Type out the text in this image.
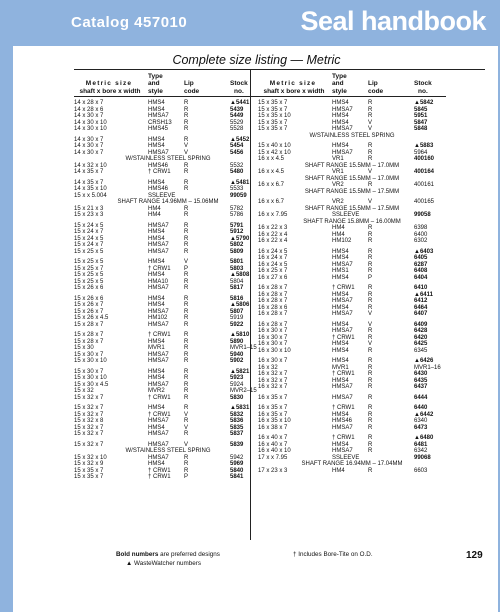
Catalog 457010	Seal handbook
Complete size listing — Metric
Metric size
shaft x bore x width
Type
and
style
Lip
code
Stock
no.
14 x 28 x 7	HMS4	R	▲5441
14 x 28 x 6	HMS4	R	5439
14 x 30 x 7	HMSA7	R	5449
14 x 30 x 10	CRSH13 R	5529
14 x 30 x 10	HMS45	R	5528
14 x 30 x 7	HMS4	R	▲5452
14 x 30 x 7	HMS4	V	5454
14 x 30 x 7	HMSA7	V	5456
W/STAINLESS STEEL SPRING
14 x 32 x 10	HMS46	R	5532
14 x 35 x 7	† CRW1 R	5480
14 x 35 x 7	HMS4	R	▲5481
14 x 35 x 10	HMS46	R	5533
15 x x 5.004	SSLEEVE	99059
SHAFT RANGE 14.96MM – 15.06MM
15 x 21 x 3	HM4	R	5782
15 x 23 x 3	HM4	R	5786
15 x 24 x 5	HMSA7	R	5791
15 x 24 x 7	HMS4	R	5912
15 x 24 x 5	HMS4	R	▲5790
15 x 24 x 7	HMSA7	R	5802
15 x 25 x 5	HMSA7	R	5809
15 x 25 x 5	HMS4	V	5801
15 x 25 x 7	† CRW1 P	5803
15 x 25 x 5	HMS4	R	▲5808
15 x 25 x 5	HMA10	R	5804
15 x 26 x 6	HMSA7	R	5817
15 x 26 x 6	HMS4	R	5816
15 x 26 x 7	HMS4	R	▲5806
15 x 26 x 7	HMSA7	R	5807
15 x 26 x 4.5	HM102	R	5919
15 x 28 x 7	HMSA7	R	5922
15 x 28 x 7	† CRW1 R	▲5810
15 x 28 x 7	HMS4	R	5890
15 x 30	MVR1	R	MVR1–15
15 x 30 x 7	HMSA7	R	5940
15 x 30 x 10	HMSA7	R	5902
15 x 30 x 7	HMS4	R	▲5821
15 x 30 x 10	HMS4	R	5923
15 x 30 x 4.5	HMSA7	R	5924
15 x 32	MVR2	R	MVR2–15
15 x 32 x 7	† CRW1 R	5830
15 x 32 x 7	HMS4	R	▲5831
15 x 32 x 7	† CRW1 V	5832
15 x 32 x 8	HMSA7	R	5836
15 x 32 x 7	HMS4	V	5835
15 x 32 x 7	HMSA7	R	5837
15 x 32 x 7	HMSA7	V	5839
W/STAINLESS STEEL SPRING
15 x 32 x 10	HMSA7	R	5942
15 x 32 x 9	HMS4	R	5969
15 x 35 x 7	† CRW1 R	5840
15 x 35 x 7	† CRW1 P	5841
Metric size
shaft x bore x width
Type
and
style
Lip
code
Stock
no.
15 x 35 x 7	HMS4	R	▲5842
15 x 35 x 7	HMSA7	R	5845
15 x 35 x 10	HMS4	R	5951
15 x 35 x 7	HMS4	V	5847
15 x 35 x 7	HMSA7	V	5848
W/STAINLESS STEEL SPRING
15 x 40 x 10	HMS4	R	▲5883
15 x 42 x 10	HMSA7	R	5964
16 x x 4.5	VR1	R	400160
SHAFT RANGE 15.5MM – 17.0MM
16 x x 4.5	VR1	V	400164
SHAFT RANGE 15.5MM – 17.0MM
16 x x 6.7	VR2	R	400161
SHAFT RANGE 15.5MM – 17.5MM
16 x x 6.7	VR2	V	400165
SHAFT RANGE 15.5MM – 17.5MM
16 x x 7.95	SSLEEVE	99058
SHAFT RANGE 15.8MM – 16.00MM
16 x 22 x 3	HM4	R	6398
16 x 22 x 4	HM4	R	6400
16 x 22 x 4	HM102	R	6302
16 x 24 x 5	HMS4	R	▲6403
16 x 24 x 7	HMS4	R	6405
16 x 24 x 5	HMSA7	R	6287
16 x 25 x 7	HMS1	R	6408
16 x 27 x 6	HMS4	P	6404
16 x 28 x 7	† CRW1 R	6410
16 x 28 x 7	HMS4	R	▲6411
16 x 28 x 7	HMSA7	R	6412
16 x 28 x 6	HMS4	R	6464
16 x 28 x 7	HMSA7	V	6407
16 x 28 x 7	HMS4	V	6409
16 x 30 x 7	HMSA7	R	6428
16 x 30 x 7	† CRW1 R	6420
16 x 30 x 7	HMS4	V	6425
16 x 30 x 10	HMS4	R	6345
16 x 30 x 7	HMS4	R	▲6426
16 x 32	MVR1	R	MVR1–16
16 x 32 x 7	† CRW1 R	6430
16 x 32 x 7	HMS4	R	6435
16 x 32 x 7	HMSA7	R	6437
16 x 35 x 7	HMSA7	R	6444
16 x 35 x 7	† CRW1 R	6440
16 x 35 x 7	HMS4	R	▲6442
16 x 35 x 10	HMS46	R	6340
16 x 38 x 7	HMSA7	R	6473
16 x 40 x 7	† CRW1 R	▲6480
16 x 40 x 7	HMS4	R	6481
16 x 40 x 10	HMSA7	R	6342
17 x x 7.95	SSLEEVE	99068
SHAFT RANGE 16.94MM – 17.04MM
17 x 23 x 3	HM4	R	6603
Bold numbers are preferred designs
▲ WasteWatcher numbers
† Includes Bore-Tite on O.D.	129
